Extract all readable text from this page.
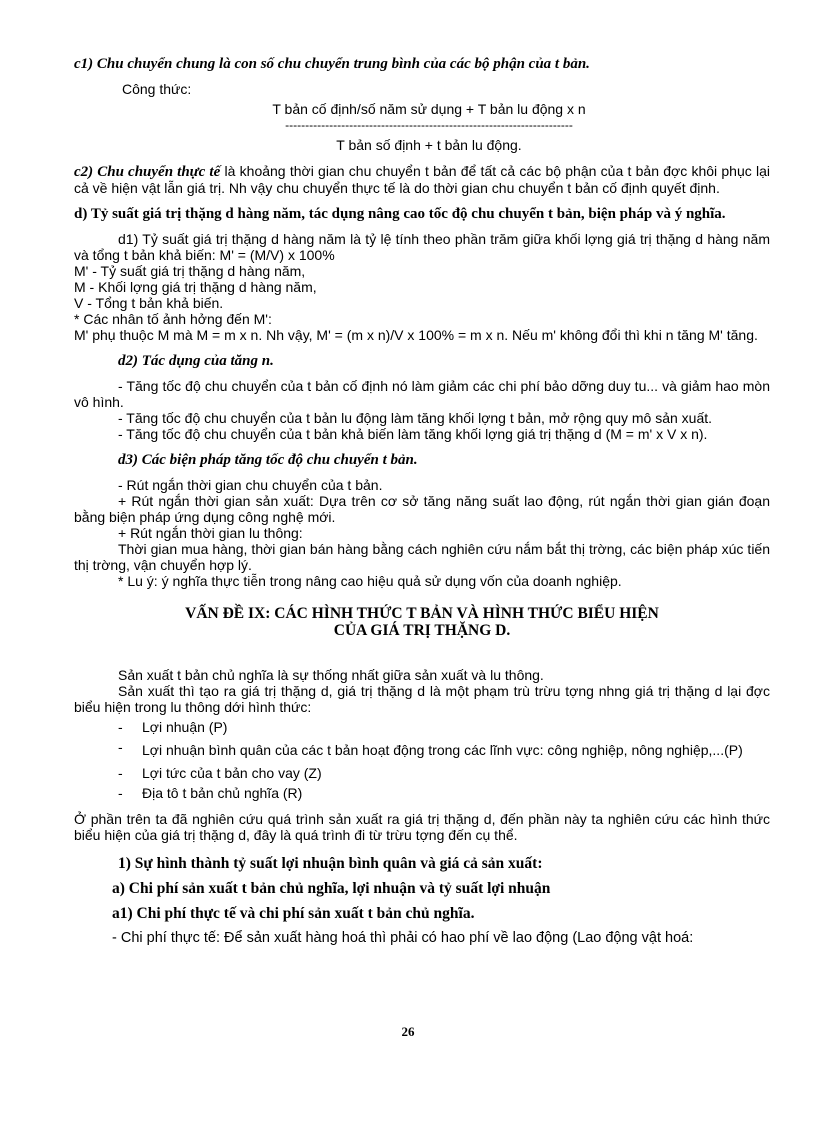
c1) Chu chuyển chung là con số chu chuyển trung bình của các bộ phận của t bản.

Công thức:

T bản cố định/số năm sử dụng + T bản lu động x n

------------------------------------------------------------------------

T bản số định + t bản lu động.

c2) Chu chuyển thực tế là khoảng thời gian chu chuyển t bản để tất cả các bộ phận của t bản đợc khôi phục lại cả về hiện vật lẫn giá trị. Nh vậy chu chuyển thực tế là do thời gian chu chuyển t bản cố định quyết định.

d) Tỷ suất giá trị thặng d hàng năm, tác dụng nâng cao tốc độ chu chuyển t bản, biện pháp và ý nghĩa.

d1) Tỷ suất giá trị thặng d hàng năm là tỷ lệ tính theo phần trăm giữa khối lợng giá trị thặng d hàng năm và tổng t bản khả biến: M' = (M/V) x 100%

M' - Tỷ suất giá trị thặng d hàng năm,

M - Khối lợng giá trị thặng d hàng năm,

V - Tổng t bản khả biến.

* Các nhân tố ảnh hởng đến M':

M' phụ thuộc M mà M = m x n. Nh vậy, M' = (m x n)/V x 100% = m x n. Nếu m' không đổi thì khi n tăng M' tăng.

d2) Tác dụng của tăng n.

- Tăng tốc độ chu chuyển của t bản cố định nó làm giảm các chi phí bảo dỡng duy tu... và giảm hao mòn vô hình.

- Tăng tốc độ chu chuyển của t bản lu động làm tăng khối lợng t bản, mở rộng quy mô sản xuất.

- Tăng tốc độ chu chuyển của t bản khả biến làm tăng khối lợng giá trị thặng d (M = m' x V x n).

d3) Các biện pháp tăng tốc độ chu chuyển t bản.

- Rút ngắn thời gian chu chuyển của t bản.

+ Rút ngắn thời gian sản xuất: Dựa trên cơ sở tăng năng suất lao động, rút ngắn thời gian gián đoạn bằng biện pháp ứng dụng công nghệ mới.

+ Rút ngắn thời gian lu thông:

Thời gian mua hàng, thời gian bán hàng bằng cách nghiên cứu nắm bắt thị trờng, các biện pháp xúc tiến thị trờng, vận chuyển hợp lý.

* Lu ý: ý nghĩa thực tiễn trong nâng cao hiệu quả sử dụng vốn của doanh nghiệp.

VẤN ĐỀ IX: CÁC HÌNH THỨC T BẢN VÀ HÌNH THỨC BIỂU HIỆN

CỦA GIÁ TRỊ THẶNG D.

Sản xuất t bản chủ nghĩa là sự thống nhất giữa sản xuất và lu thông.

Sản xuất thì tạo ra giá trị thặng d, giá trị thặng d là một phạm trù trừu tợng nhng giá trị thặng d lại đợc biểu hiện trong lu thông dới hình thức:

-	Lợi nhuận (P)
-	Lợi nhuận bình quân của các t bản hoạt động trong các lĩnh vực: công nghiệp, nông nghiệp,...(P)
-	Lợi tức của t bản cho vay (Z)
-	Địa tô t bản chủ nghĩa (R)

Ở phần trên ta đã nghiên cứu quá trình sản xuất ra giá trị thặng d, đến phần này ta nghiên cứu các hình thức biểu hiện của giá trị thặng d, đây là quá trình đi từ trừu tợng đến cụ thể.

1) Sự hình thành tỷ suất lợi nhuận bình quân và giá cả sản xuất:

a) Chi phí sản xuất t bản chủ nghĩa, lợi nhuận và tỷ suất lợi nhuận

a1) Chi phí thực tế và chi phí sản xuất t bản chủ nghĩa.

- Chi phí thực tế: Để sản xuất hàng hoá thì phải có hao phí về lao động (Lao động vật hoá:

26
